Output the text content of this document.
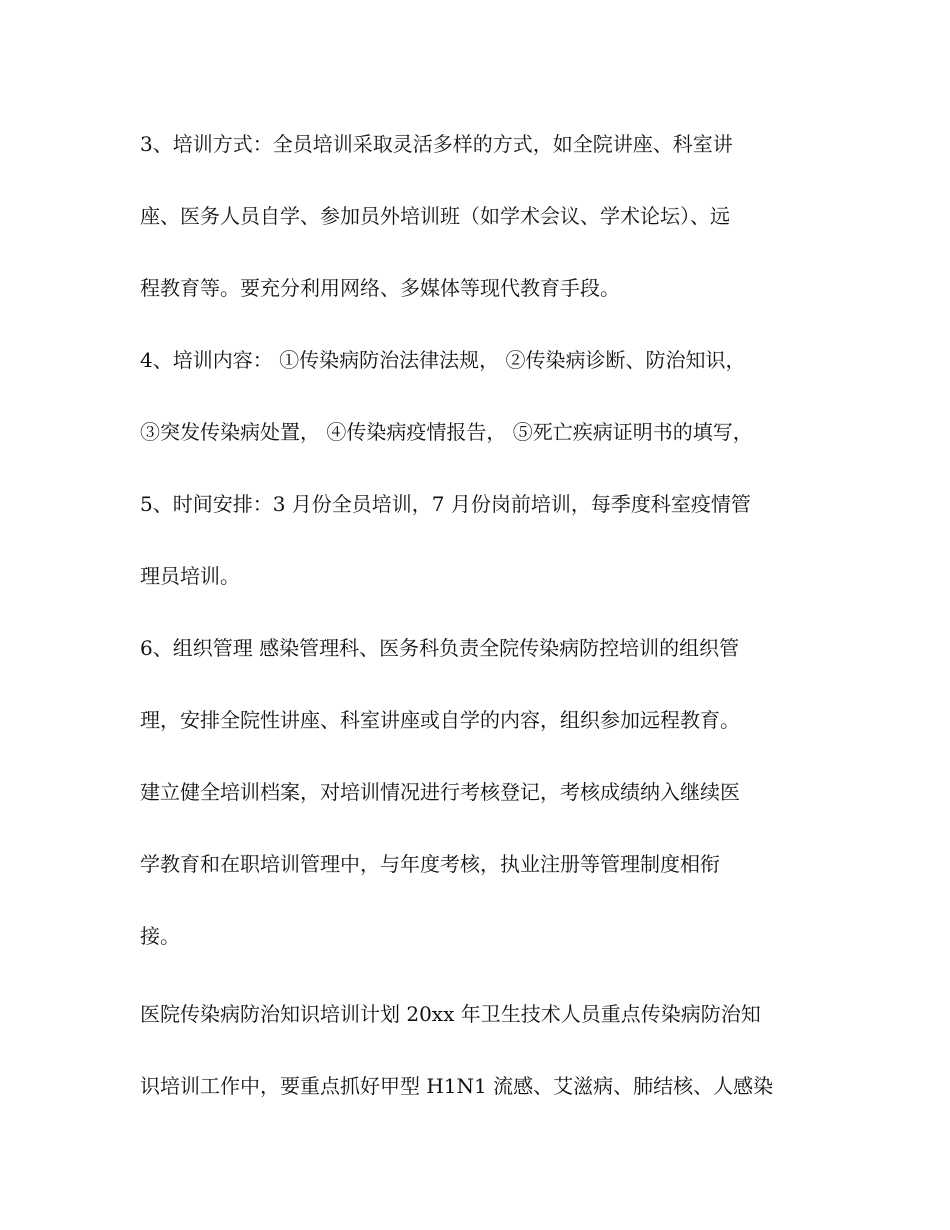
3、培训方式：全员培训采取灵活多样的方式，如全院讲座、科室讲

座、医务人员自学、参加员外培训班（如学术会议、学术论坛）、远

程教育等。要充分利用网络、多媒体等现代教育手段。

4、培训内容： ①传染病防治法律法规， ②传染病诊断、防治知识，

③突发传染病处置， ④传染病疫情报告， ⑤死亡疾病证明书的填写，

5、时间安排：3 月份全员培训，7 月份岗前培训，每季度科室疫情管

理员培训。

6、组织管理 感染管理科、医务科负责全院传染病防控培训的组织管

理，安排全院性讲座、科室讲座或自学的内容，组织参加远程教育。

建立健全培训档案，对培训情况进行考核登记，考核成绩纳入继续医

学教育和在职培训管理中，与年度考核，执业注册等管理制度相衔

接。

医院传染病防治知识培训计划 20xx 年卫生技术人员重点传染病防治知

识培训工作中，要重点抓好甲型 H1N1 流感、艾滋病、肺结核、人感染
